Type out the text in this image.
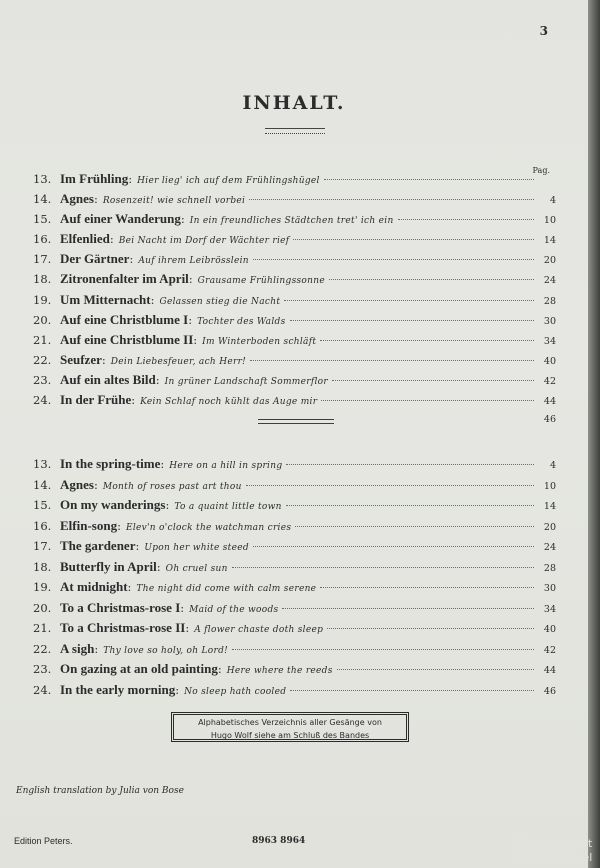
3
INHALT.
Pag.
13. Im Frühling : Hier lieg' ich auf dem Frühlingshügel
14. Agnes : Rosenzeit! wie schnell vorbei	4
15. Auf einer Wanderung : In ein freundliches Städtchen tret' ich ein	10
16. Elfenlied : Bei Nacht im Dorf der Wächter rief	14
17. Der Gärtner : Auf ihrem Leibrösslein	20
18. Zitronenfalter im April : Grausame Frühlingssonne	24
19. Um Mitternacht : Gelassen stieg die Nacht	28
20. Auf eine Christblume I : Tochter des Walds	30
21. Auf eine Christblume II : Im Winterboden schläft	34
22. Seufzer : Dein Liebesfeuer, ach Herr!	40
23. Auf ein altes Bild : In grüner Landschaft Sommerflor	42
24. In der Frühe : Kein Schlaf noch kühlt das Auge mir	44
46
13. In the spring-time : Here on a hill in spring	4
14. Agnes : Month of roses past art thou	10
15. On my wanderings : To a quaint little town	14
16. Elfin-song : Elev'n o'clock the watchman cries	20
17. The gardener : Upon her white steed	24
18. Butterfly in April : Oh cruel sun	28
19. At midnight : The night did come with calm serene	30
20. To a Christmas-rose I : Maid of the woods	34
21. To a Christmas-rose II : A flower chaste doth sleep	40
22. A sigh : Thy love so holy, oh Lord!	42
23. On gazing at an old painting : Here where the reeds	44
24. In the early morning : No sleep hath cooled	46
Alphabetisches Verzeichnis aller Gesänge von
Hugo Wolf siehe am Schluß des Bandes
English translation by Julia von Bose
Edition Peters.	8963 8964	a antiquariat
buecherstapel
